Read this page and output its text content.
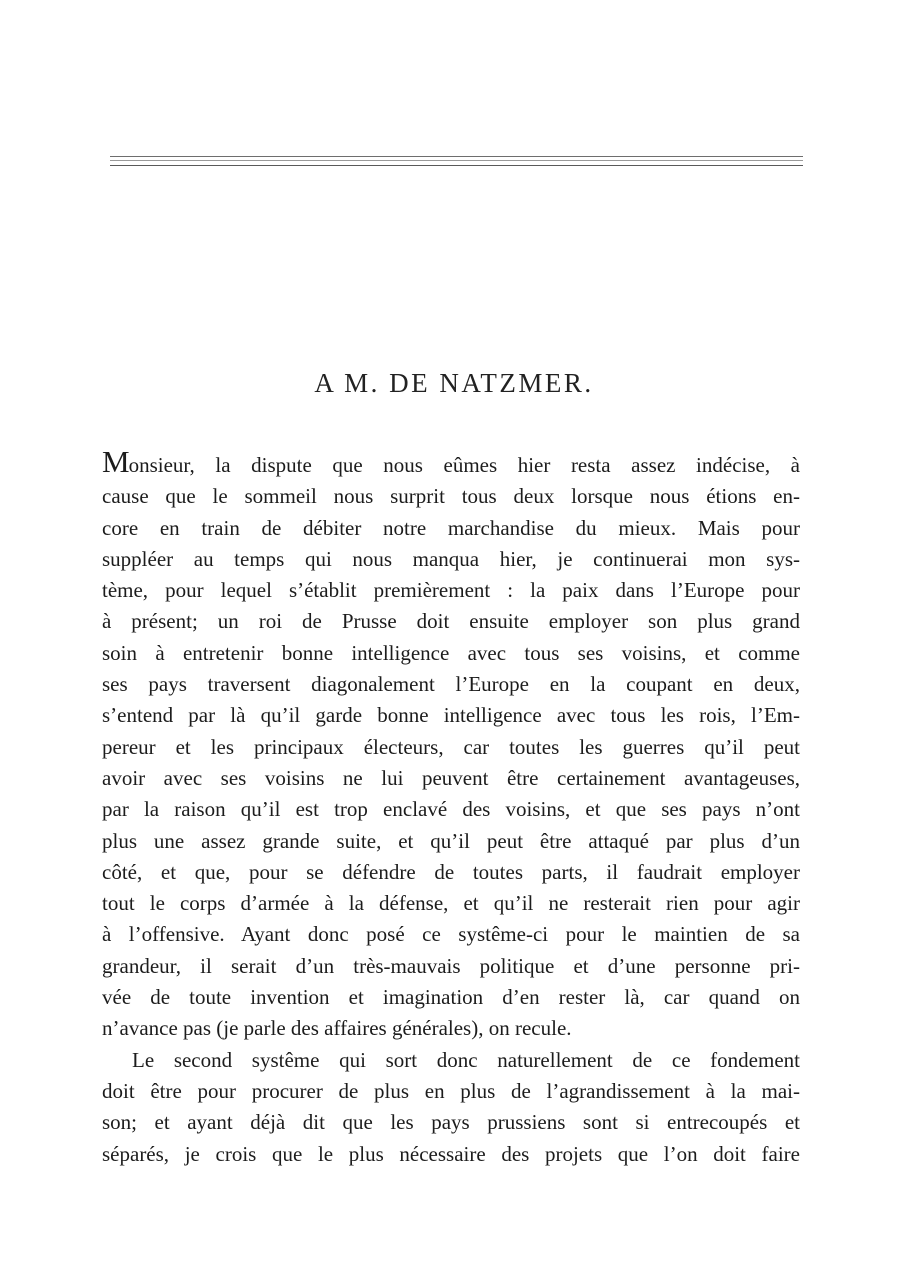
A M. DE NATZMER.
Monsieur, la dispute que nous eûmes hier resta assez indécise, à
cause que le sommeil nous surprit tous deux lorsque nous étions en-
core en train de débiter notre marchandise du mieux. Mais pour
suppléer au temps qui nous manqua hier, je continuerai mon sys-
tème, pour lequel s’établit premièrement : la paix dans l’Europe pour
à présent; un roi de Prusse doit ensuite employer son plus grand
soin à entretenir bonne intelligence avec tous ses voisins, et comme
ses pays traversent diagonalement l’Europe en la coupant en deux,
s’entend par là qu’il garde bonne intelligence avec tous les rois, l’Em-
pereur et les principaux électeurs, car toutes les guerres qu’il peut
avoir avec ses voisins ne lui peuvent être certainement avantageuses,
par la raison qu’il est trop enclavé des voisins, et que ses pays n’ont
plus une assez grande suite, et qu’il peut être attaqué par plus d’un
côté, et que, pour se défendre de toutes parts, il faudrait employer
tout le corps d’armée à la défense, et qu’il ne resterait rien pour agir
à l’offensive. Ayant donc posé ce systême-ci pour le maintien de sa
grandeur, il serait d’un très-mauvais politique et d’une personne pri-
vée de toute invention et imagination d’en rester là, car quand on
n’avance pas (je parle des affaires générales), on recule.
Le second systême qui sort donc naturellement de ce fondement
doit être pour procurer de plus en plus de l’agrandissement à la mai-
son; et ayant déjà dit que les pays prussiens sont si entrecoupés et
séparés, je crois que le plus nécessaire des projets que l’on doit faire
